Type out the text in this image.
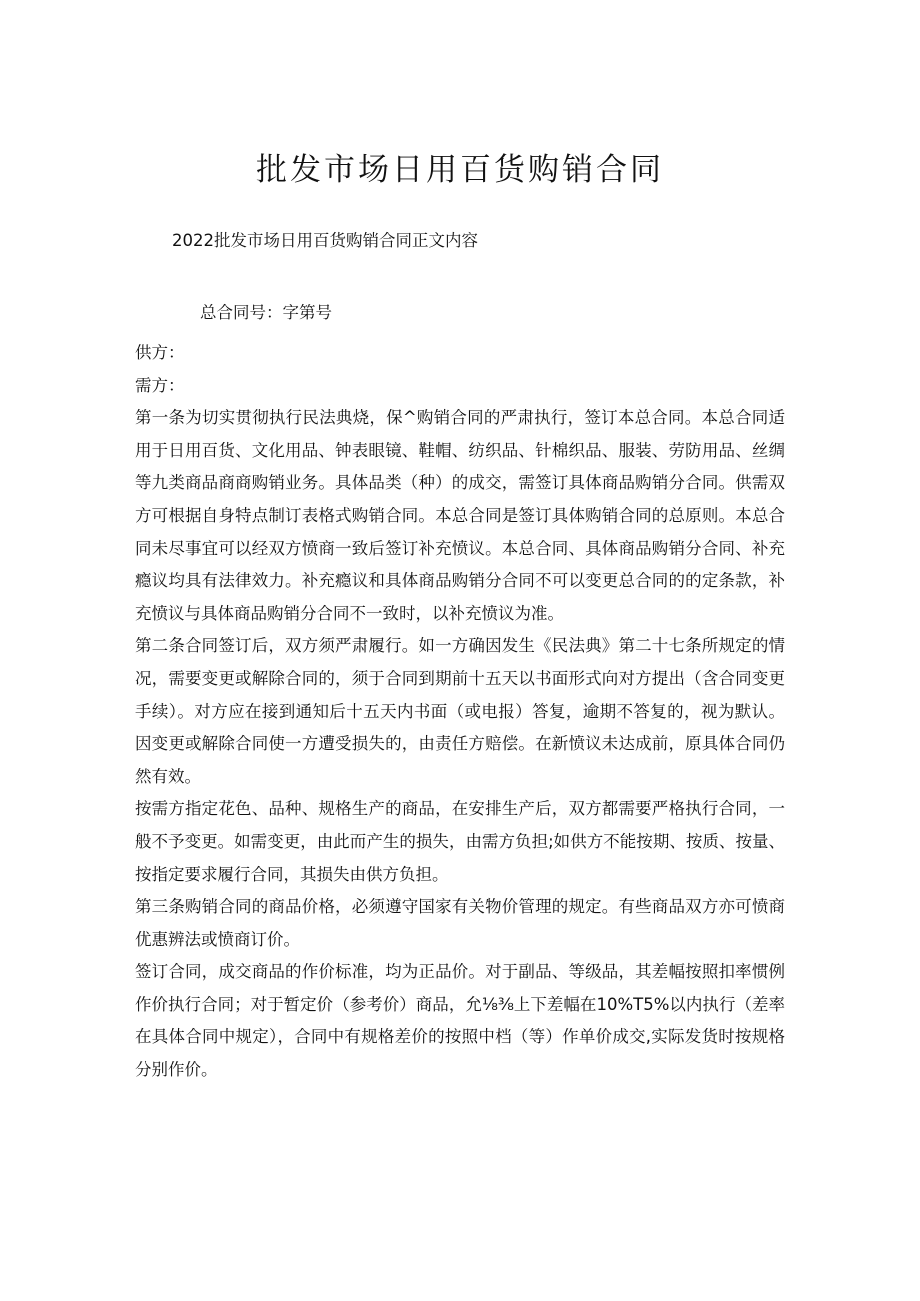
批发市场日用百货购销合同

2022批发市场日用百货购销合同正文内容

总合同号：字第号

供方：

需方：

第一条为切实贯彻执行民法典烧，保^购销合同的严肃执行，签订本总合同。本总合同适用于日用百货、文化用品、钟表眼镜、鞋帽、纺织品、针棉织品、服装、劳防用品、丝绸等九类商品商商购销业务。具体品类（种）的成交，需签订具体商品购销分合同。供需双方可根据自身特点制订表格式购销合同。本总合同是签订具体购销合同的总原则。本总合同未尽事宜可以经双方愤商一致后签订补充愤议。本总合同、具体商品购销分合同、补充瘾议均具有法律效力。补充瘾议和具体商品购销分合同不可以变更总合同的的定条款，补充愤议与具体商品购销分合同不一致时，以补充愤议为准。

第二条合同签订后，双方须严肃履行。如一方确因发生《民法典》第二十七条所规定的情况，需要变更或解除合同的，须于合同到期前十五天以书面形式向对方提出（含合同变更手续）。对方应在接到通知后十五天内书面（或电报）答复，逾期不答复的，视为默认。因变更或解除合同使一方遭受损失的，由责任方赔偿。在新愤议未达成前，原具体合同仍然有效。

按需方指定花色、品种、规格生产的商品，在安排生产后，双方都需要严格执行合同，一般不予变更。如需变更，由此而产生的损失，由需方负担;如供方不能按期、按质、按量、按指定要求履行合同，其损失由供方负担。

第三条购销合同的商品价格，必须遵守国家有关物价管理的规定。有些商品双方亦可愤商优惠辨法或愤商订价。

签订合同，成交商品的作价标准，均为正品价。对于副品、等级品，其差幅按照扣率惯例作价执行合同；对于暂定价（参考价）商品，允⅛⅜上下差幅在10%T5%以内执行（差率在具体合同中规定），合同中有规格差价的按照中档（等）作单价成交,实际发货时按规格分别作价。
